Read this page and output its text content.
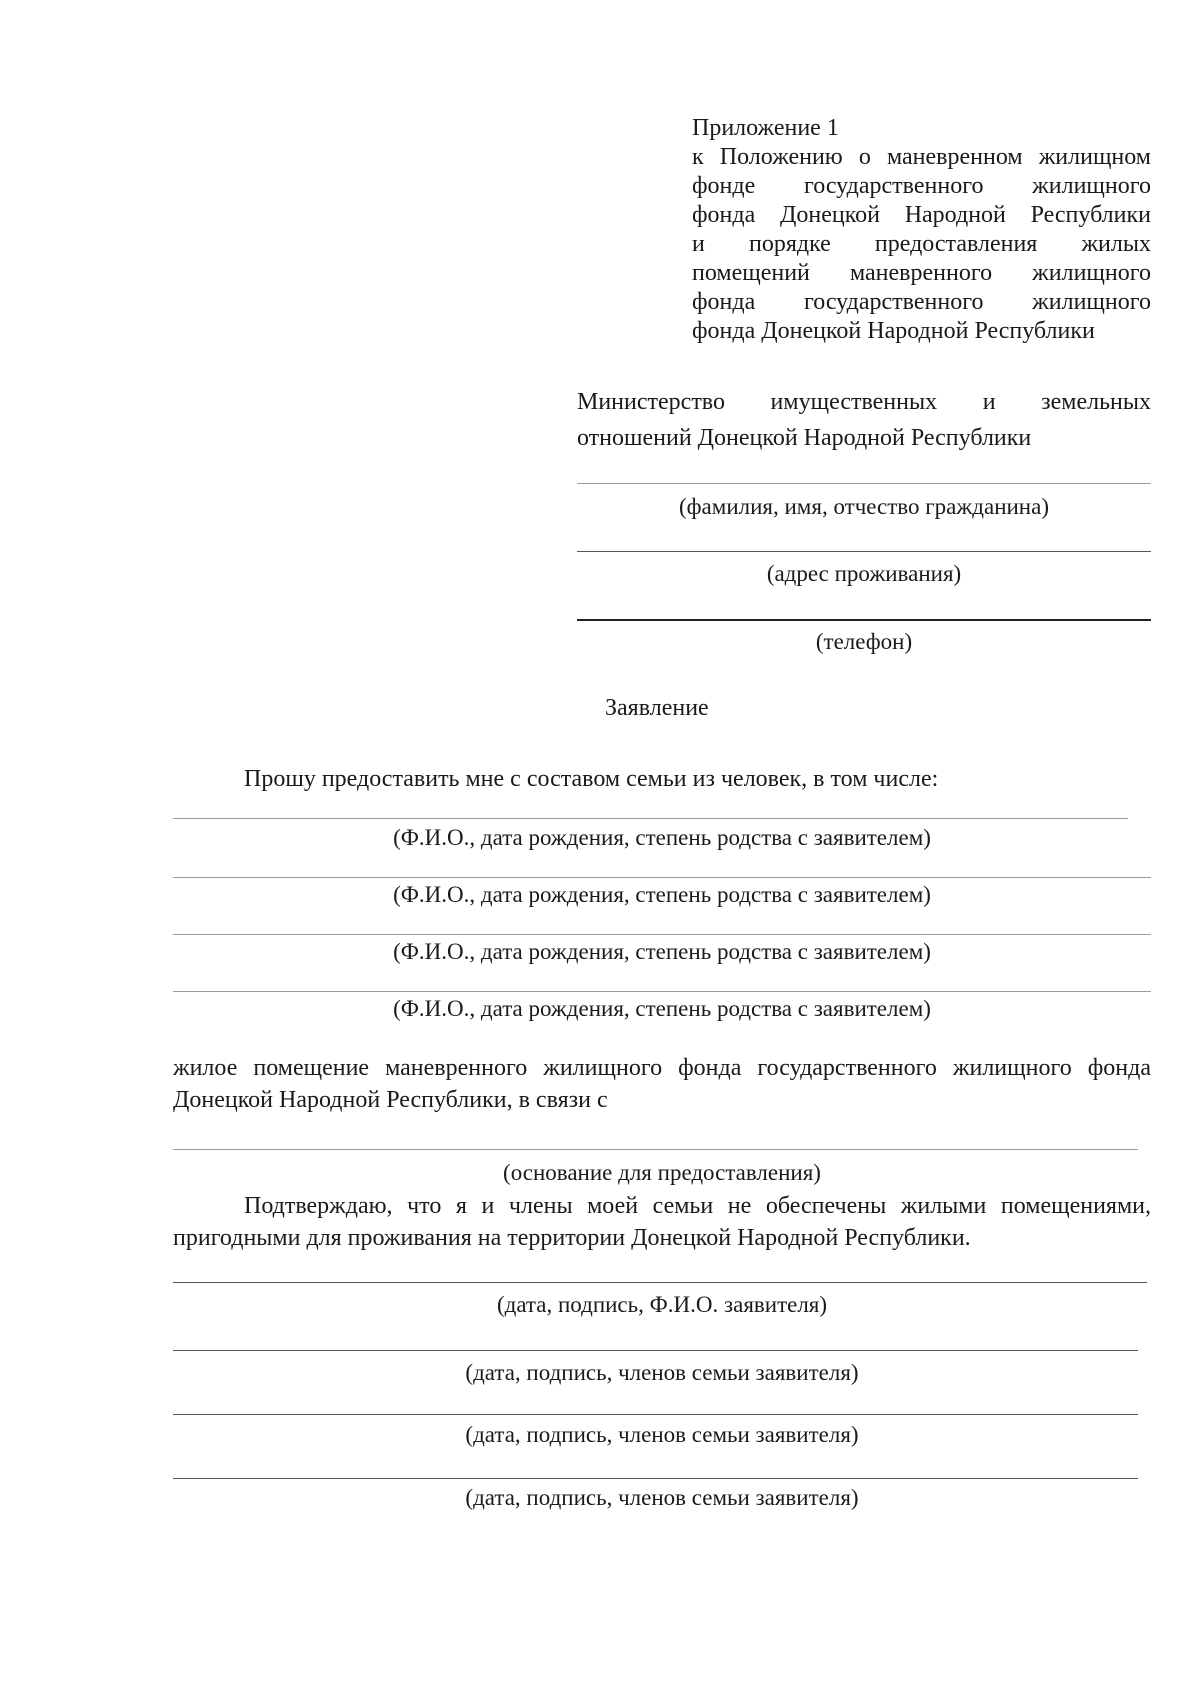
Приложение 1
к Положению о маневренном жилищном
фонде государственного жилищного
фонда Донецкой Народной Республики
и порядке предоставления жилых
помещений маневренного жилищного
фонда государственного жилищного
фонда Донецкой Народной Республики
Министерство имущественных и земельных
отношений Донецкой Народной Республики
(фамилия, имя, отчество гражданина)
(адрес проживания)
(телефон)
Заявление
Прошу предоставить мне с составом семьи из человек, в том числе:
(Ф.И.О., дата рождения, степень родства с заявителем)
(Ф.И.О., дата рождения, степень родства с заявителем)
(Ф.И.О., дата рождения, степень родства с заявителем)
(Ф.И.О., дата рождения, степень родства с заявителем)
жилое помещение маневренного жилищного фонда государственного жилищного фонда
Донецкой Народной Республики, в связи с
(основание для предоставления)
Подтверждаю, что я и члены моей семьи не обеспечены жилыми помещениями,
пригодными для проживания на территории Донецкой Народной Республики.
(дата, подпись, Ф.И.О. заявителя)
(дата, подпись, членов семьи заявителя)
(дата, подпись, членов семьи заявителя)
(дата, подпись, членов семьи заявителя)
